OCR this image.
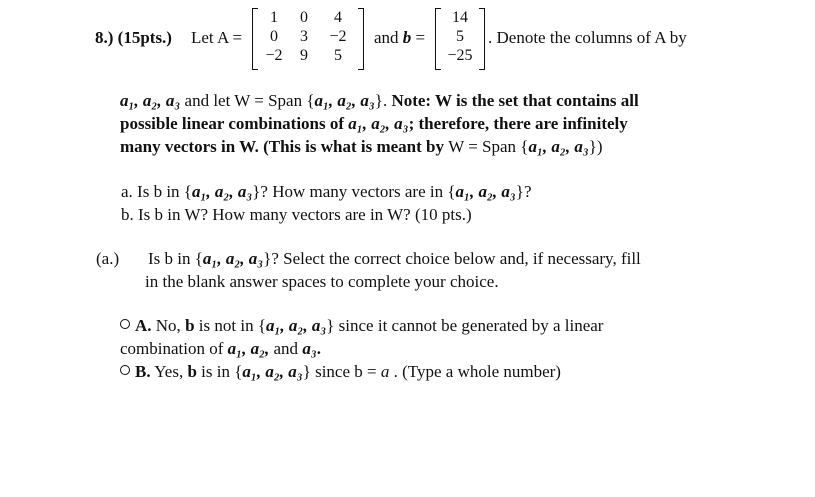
8.) (15pts.) Let A =
1	0	4
0	3	−2
−2	9	5
and b =
14
5
−25
. Denote the columns of A by
a₁, a₂, a₃ and let W = Span {a₁, a₂, a₃}. Note: W is the set that contains all
possible linear combinations of a₁, a₂, a₃; therefore, there are infinitely
many vectors in W. (This is what is meant by W = Span {a₁, a₂, a₃})
a. Is b in {a₁, a₂, a₃}? How many vectors are in {a₁, a₂, a₃}?
b. Is b in W? How many vectors are in W? (10 pts.)
(a.) Is b in {a₁, a₂, a₃}? Select the correct choice below and, if necessary, fill
in the blank answer spaces to complete your choice.
A. No, b is not in {a₁, a₂, a₃} since it cannot be generated by a linear
combination of a₁, a₂, and a₃.
B. Yes, b is in {a₁, a₂, a₃} since b = a . (Type a whole number)
